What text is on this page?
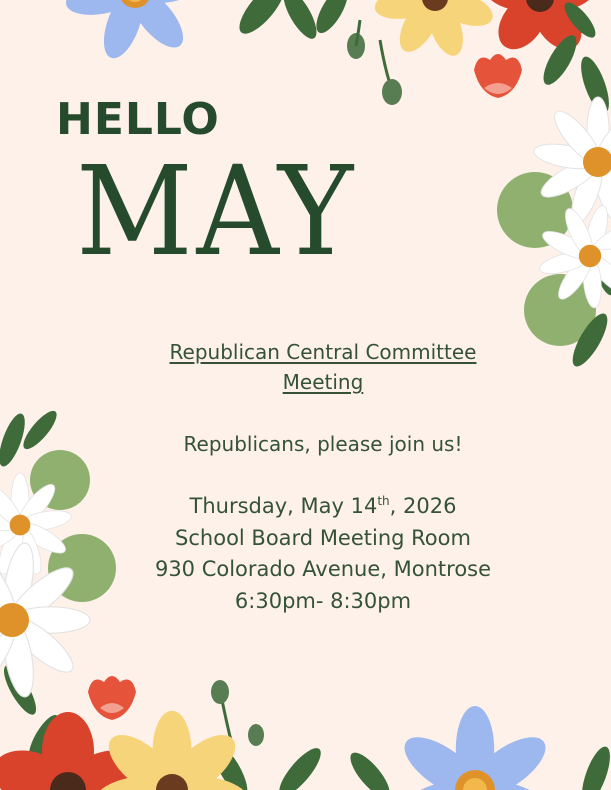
HELLO
MAY
Republican Central Committee
Meeting
Republicans, please join us!
Thursday, May 14th, 2026
School Board Meeting Room
930 Colorado Avenue, Montrose
6:30pm- 8:30pm
